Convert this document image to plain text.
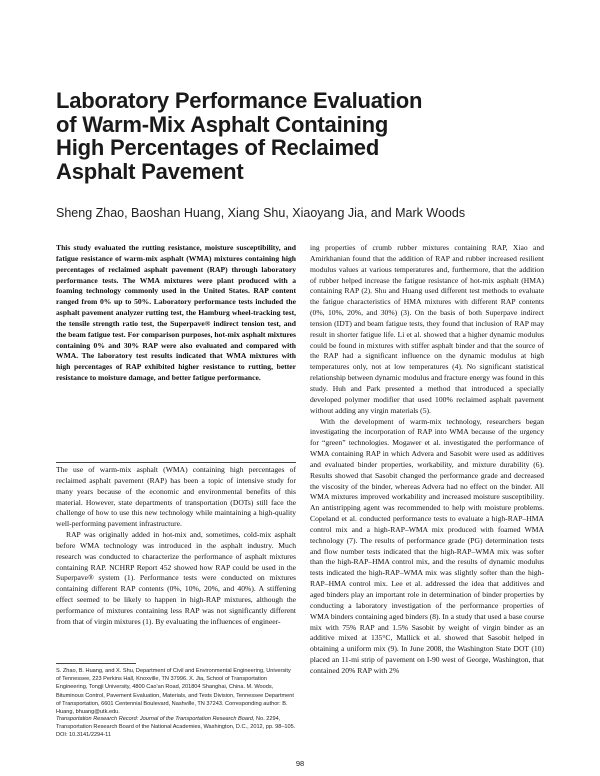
Laboratory Performance Evaluation
of Warm-Mix Asphalt Containing
High Percentages of Reclaimed
Asphalt Pavement
Sheng Zhao, Baoshan Huang, Xiang Shu, Xiaoyang Jia, and Mark Woods

This study evaluated the rutting resistance, moisture susceptibility, and fatigue resistance of warm-mix asphalt (WMA) mixtures containing high percentages of reclaimed asphalt pavement (RAP) through laboratory performance tests. The WMA mixtures were plant produced with a foaming technology commonly used in the United States. RAP content ranged from 0% up to 50%. Laboratory performance tests included the asphalt pavement analyzer rutting test, the Hamburg wheel-tracking test, the tensile strength ratio test, the Superpave® indirect tension test, and the beam fatigue test. For comparison purposes, hot-mix asphalt mixtures containing 0% and 30% RAP were also evaluated and compared with WMA. The laboratory test results indicated that WMA mixtures with high percentages of RAP exhibited higher resistance to rutting, better resistance to moisture damage, and better fatigue performance.

The use of warm-mix asphalt (WMA) containing high percentages of reclaimed asphalt pavement (RAP) has been a topic of intensive study for many years because of the economic and environmental benefits of this material. However, state departments of transportation (DOTs) still face the challenge of how to use this new technology while maintaining a high-quality well-performing pavement infrastructure.

RAP was originally added in hot-mix and, sometimes, cold-mix asphalt before WMA technology was introduced in the asphalt industry. Much research was conducted to characterize the performance of asphalt mixtures containing RAP. NCHRP Report 452 showed how RAP could be used in the Superpave® system (1). Performance tests were conducted on mixtures containing different RAP contents (0%, 10%, 20%, and 40%). A stiffening effect seemed to be likely to happen in high-RAP mixtures, although the performance of mixtures containing less RAP was not significantly different from that of virgin mixtures (1). By evaluating the influences of engineer-

ing properties of crumb rubber mixtures containing RAP, Xiao and Amirkhanian found that the addition of RAP and rubber increased resilient modulus values at various temperatures and, furthermore, that the addition of rubber helped increase the fatigue resistance of hot-mix asphalt (HMA) containing RAP (2). Shu and Huang used different test methods to evaluate the fatigue characteristics of HMA mixtures with different RAP contents (0%, 10%, 20%, and 30%) (3). On the basis of both Superpave indirect tension (IDT) and beam fatigue tests, they found that inclusion of RAP may result in shorter fatigue life. Li et al. showed that a higher dynamic modulus could be found in mixtures with stiffer asphalt binder and that the source of the RAP had a significant influence on the dynamic modulus at high temperatures only, not at low temperatures (4). No significant statistical relationship between dynamic modulus and fracture energy was found in this study. Huh and Park presented a method that introduced a specially developed polymer modifier that used 100% reclaimed asphalt pavement without adding any virgin materials (5).

With the development of warm-mix technology, researchers began investigating the incorporation of RAP into WMA because of the urgency for “green” technologies. Mogawer et al. investigated the performance of WMA containing RAP in which Advera and Sasobit were used as additives and evaluated binder properties, workability, and mixture durability (6). Results showed that Sasobit changed the performance grade and decreased the viscosity of the binder, whereas Advera had no effect on the binder. All WMA mixtures improved workability and increased moisture susceptibility. An antistripping agent was recommended to help with moisture problems. Copeland et al. conducted performance tests to evaluate a high-RAP–HMA control mix and a high-RAP–WMA mix produced with foamed WMA technology (7). The results of performance grade (PG) determination tests and flow number tests indicated that the high-RAP–WMA mix was softer than the high-RAP–HMA control mix, and the results of dynamic modulus tests indicated the high-RAP–WMA mix was slightly softer than the high-RAP–HMA control mix. Lee et al. addressed the idea that additives and aged binders play an important role in determination of binder properties by conducting a laboratory investigation of the performance properties of WMA binders containing aged binders (8). In a study that used a base course mix with 75% RAP and 1.5% Sasobit by weight of virgin binder as an additive mixed at 135°C, Mallick et al. showed that Sasobit helped in obtaining a uniform mix (9). In June 2008, the Washington State DOT (10) placed an 11-mi strip of pavement on I-90 west of George, Washington, that contained 20% RAP with 2%

S. Zhao, B. Huang, and X. Shu, Department of Civil and Environmental Engineering, University of Tennessee, 223 Perkins Hall, Knoxville, TN 37996. X. Jia, School of Transportation Engineering, Tongji University, 4800 Cao'an Road, 201804 Shanghai, China. M. Woods, Bituminous Control, Pavement Evaluation, Materials, and Tests Division, Tennessee Department of Transportation, 6601 Centennial Boulevard, Nashville, TN 37243. Corresponding author: B. Huang, bhuang@utk.edu.
Transportation Research Record: Journal of the Transportation Research Board, No. 2294, Transportation Research Board of the National Academies, Washington, D.C., 2012, pp. 98–105.
DOI: 10.3141/2294-11
98
